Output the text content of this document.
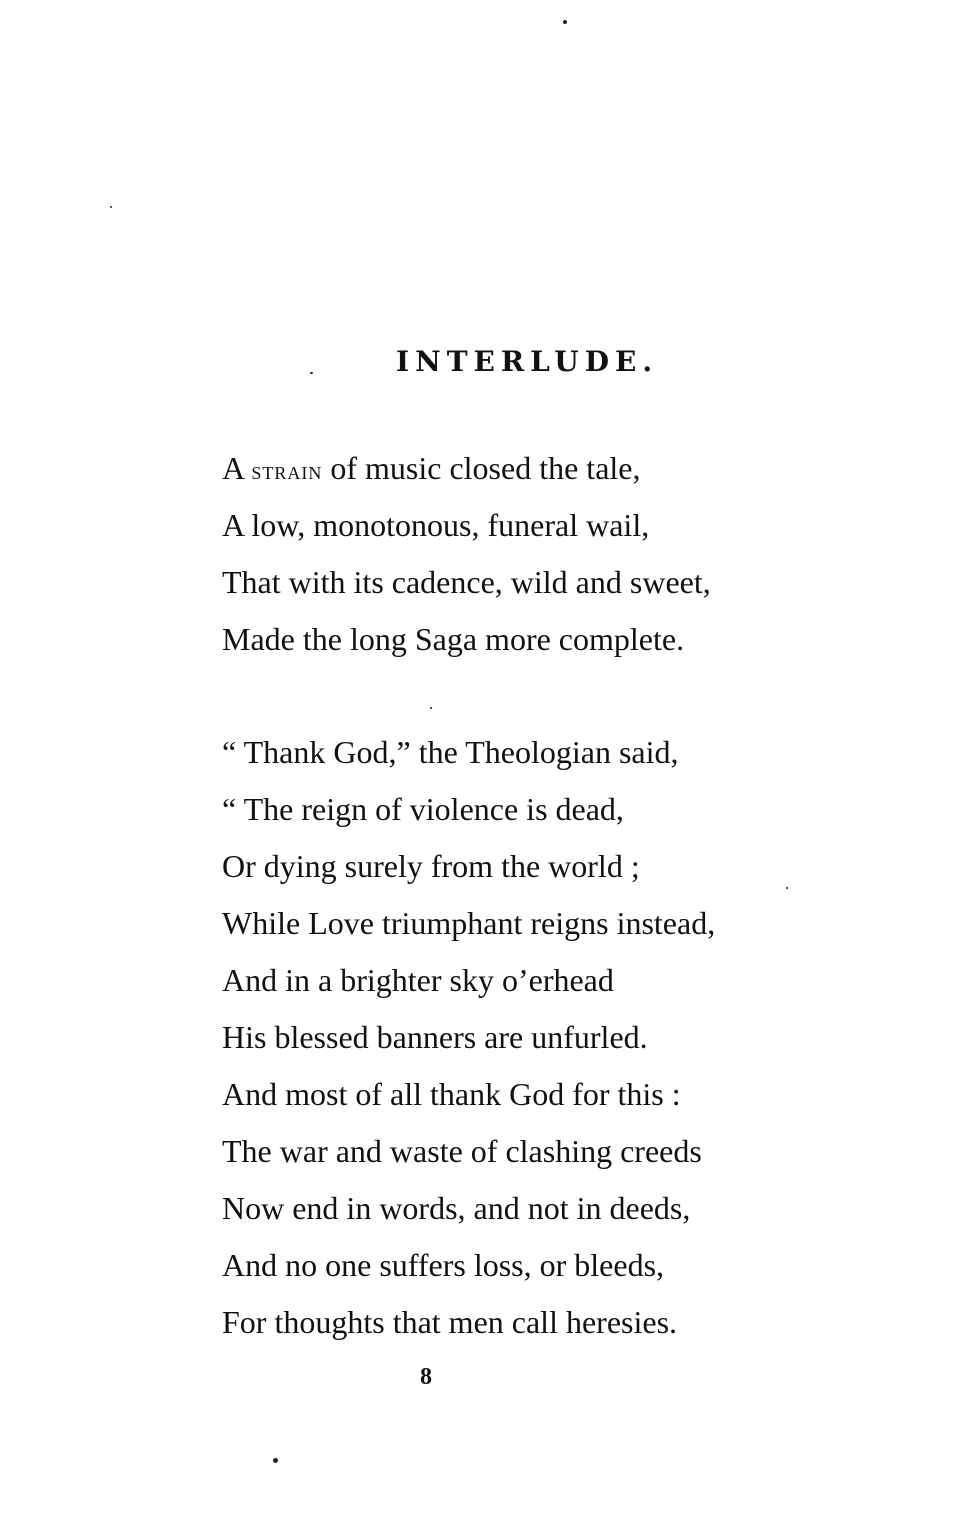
INTERLUDE.
A strain of music closed the tale,
A low, monotonous, funeral wail,
That with its cadence, wild and sweet,
Made the long Saga more complete.
“ Thank God,” the Theologian said,
“ The reign of violence is dead,
Or dying surely from the world ;
While Love triumphant reigns instead,
And in a brighter sky o’erhead
His blessed banners are unfurled.
And most of all thank God for this :
The war and waste of clashing creeds
Now end in words, and not in deeds,
And no one suffers loss, or bleeds,
For thoughts that men call heresies.
8
